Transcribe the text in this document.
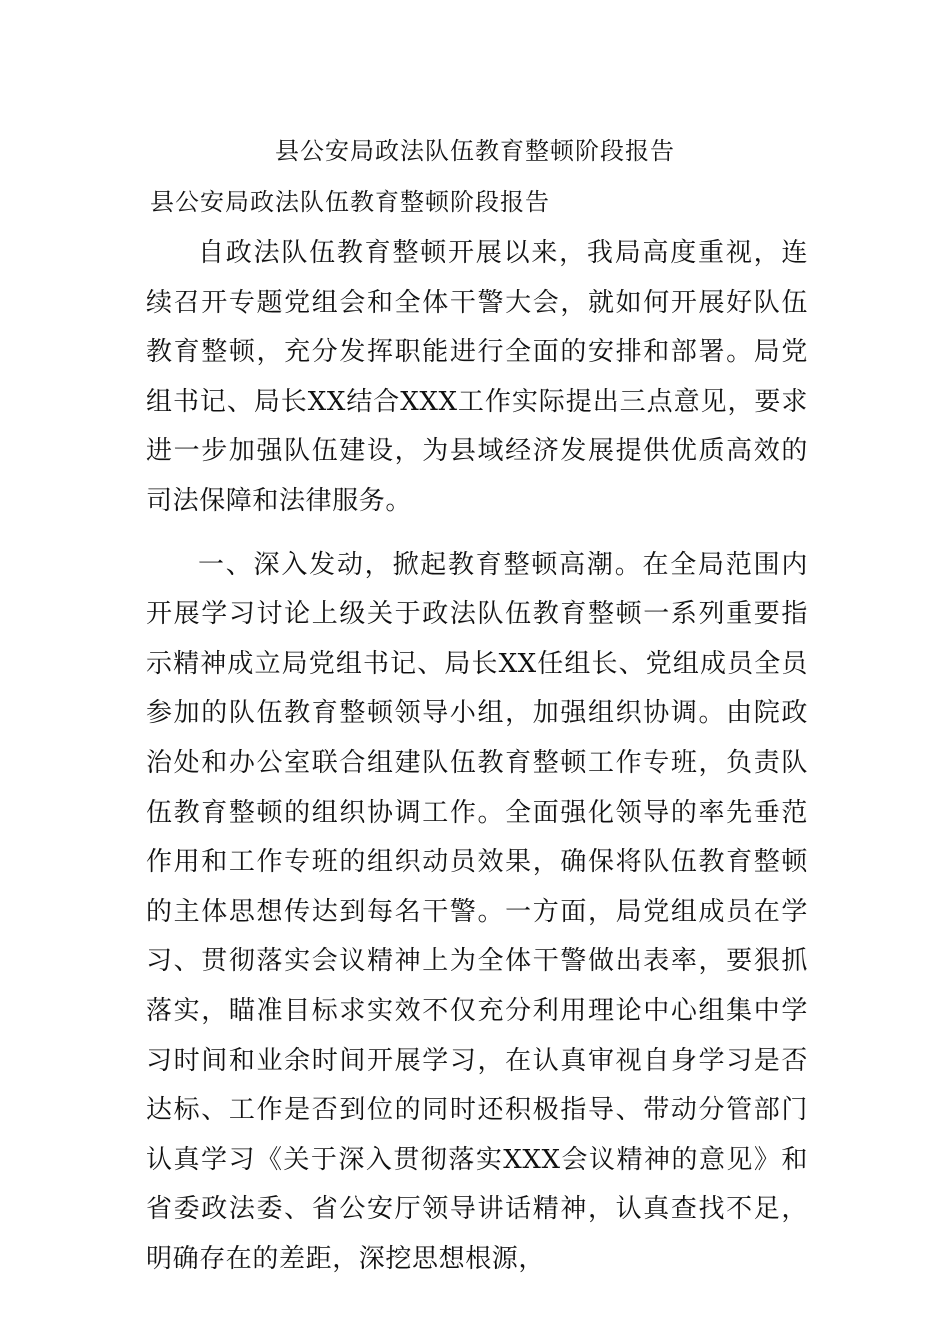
县公安局政法队伍教育整顿阶段报告
县公安局政法队伍教育整顿阶段报告

自政法队伍教育整顿开展以来，我局高度重视，连续召开专题党组会和全体干警大会，就如何开展好队伍教育整顿，充分发挥职能进行全面的安排和部署。局党组书记、局长XX结合XXX工作实际提出三点意见，要求进一步加强队伍建设，为县域经济发展提供优质高效的司法保障和法律服务。

一、深入发动，掀起教育整顿高潮。在全局范围内开展学习讨论上级关于政法队伍教育整顿一系列重要指示精神成立局党组书记、局长XX任组长、党组成员全员参加的队伍教育整顿领导小组，加强组织协调。由院政治处和办公室联合组建队伍教育整顿工作专班，负责队伍教育整顿的组织协调工作。全面强化领导的率先垂范作用和工作专班的组织动员效果，确保将队伍教育整顿的主体思想传达到每名干警。一方面，局党组成员在学习、贯彻落实会议精神上为全体干警做出表率，要狠抓落实，瞄准目标求实效不仅充分利用理论中心组集中学习时间和业余时间开展学习，在认真审视自身学习是否达标、工作是否到位的同时还积极指导、带动分管部门认真学习《关于深入贯彻落实XXX会议精神的意见》和省委政法委、省公安厅领导讲话精神，认真查找不足，明确存在的差距，深挖思想根源，
